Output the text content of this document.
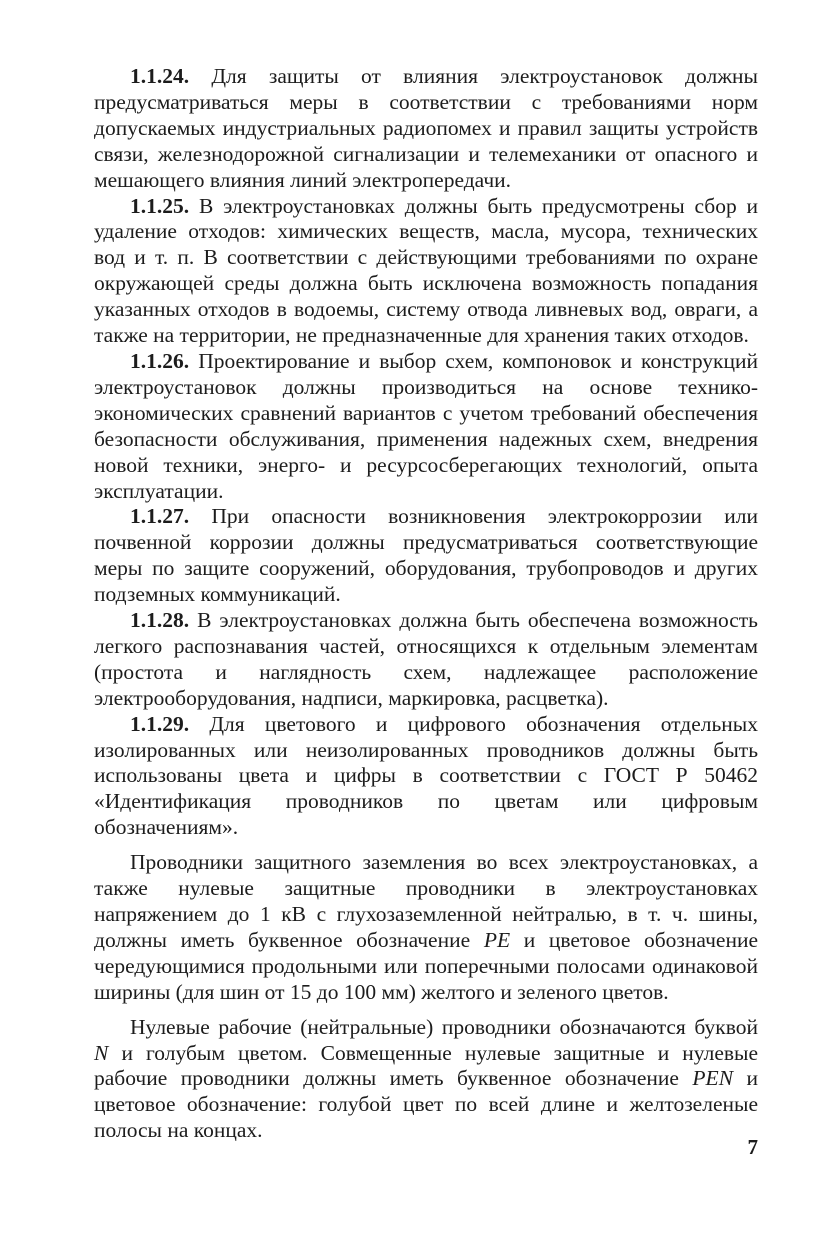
1.1.24. Для защиты от влияния электроустановок должны предусматриваться меры в соответствии с требованиями норм допускаемых индустриальных радиопомех и правил защиты устройств связи, железнодорожной сигнализации и телемеханики от опасного и мешающего влияния линий электропередачи.

1.1.25. В электроустановках должны быть предусмотрены сбор и удаление отходов: химических веществ, масла, мусора, технических вод и т. п. В соответствии с действующими требованиями по охране окружающей среды должна быть исключена возможность попадания указанных отходов в водоемы, систему отвода ливневых вод, овраги, а также на территории, не предназначенные для хранения таких отходов.

1.1.26. Проектирование и выбор схем, компоновок и конструкций электроустановок должны производиться на основе технико-экономических сравнений вариантов с учетом требований обеспечения безопасности обслуживания, применения надежных схем, внедрения новой техники, энерго- и ресурсосберегающих технологий, опыта эксплуатации.

1.1.27. При опасности возникновения электрокоррозии или почвенной коррозии должны предусматриваться соответствующие меры по защите сооружений, оборудования, трубопроводов и других подземных коммуникаций.

1.1.28. В электроустановках должна быть обеспечена возможность легкого распознавания частей, относящихся к отдельным элементам (простота и наглядность схем, надлежащее расположение электрооборудования, надписи, маркировка, расцветка).

1.1.29. Для цветового и цифрового обозначения отдельных изолированных или неизолированных проводников должны быть использованы цвета и цифры в соответствии с ГОСТ Р 50462 «Идентификация проводников по цветам или цифровым обозначениям».

Проводники защитного заземления во всех электроустановках, а также нулевые защитные проводники в электроустановках напряжением до 1 кВ с глухозаземленной нейтралью, в т. ч. шины, должны иметь буквенное обозначение PE и цветовое обозначение чередующимися продольными или поперечными полосами одинаковой ширины (для шин от 15 до 100 мм) желтого и зеленого цветов.

Нулевые рабочие (нейтральные) проводники обозначаются буквой N и голубым цветом. Совмещенные нулевые защитные и нулевые рабочие проводники должны иметь буквенное обозначение PEN и цветовое обозначение: голубой цвет по всей длине и желтозеленые полосы на концах.

7
